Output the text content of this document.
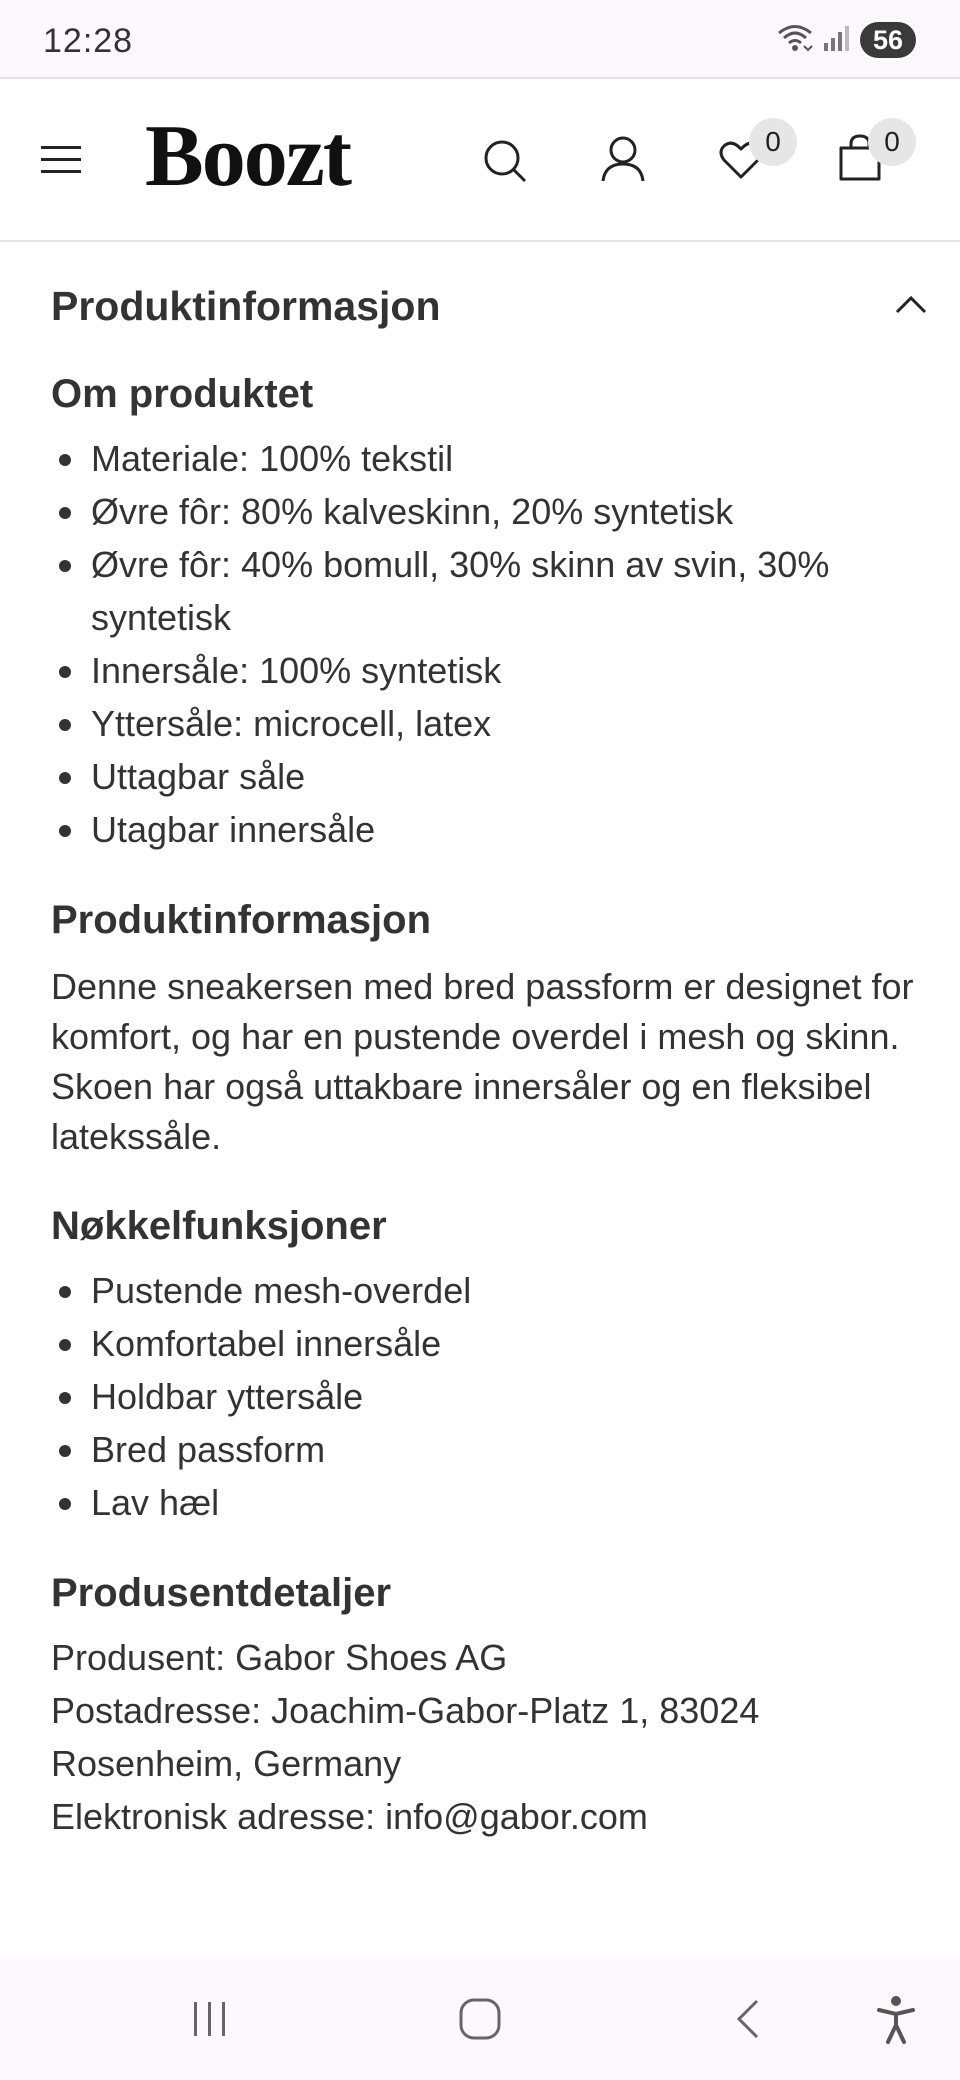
12:28	56
Boozt	0	0
Produktinformasjon
Om produktet
Materiale: 100% tekstil
Øvre fôr: 80% kalveskinn, 20% syntetisk
Øvre fôr: 40% bomull, 30% skinn av svin, 30% syntetisk
Innersåle: 100% syntetisk
Yttersåle: microcell, latex
Uttagbar såle
Utagbar innersåle
Produktinformasjon

Denne sneakersen med bred passform er designet for komfort, og har en pustende overdel i mesh og skinn. Skoen har også uttakbare innersåler og en fleksibel latekssåle.

Nøkkelfunksjoner
Pustende mesh-overdel
Komfortabel innersåle
Holdbar yttersåle
Bred passform
Lav hæl
Produsentdetaljer
Produsent: Gabor Shoes AG
Postadresse: Joachim-Gabor-Platz 1, 83024 Rosenheim, Germany
Elektronisk adresse: info@gabor.com
